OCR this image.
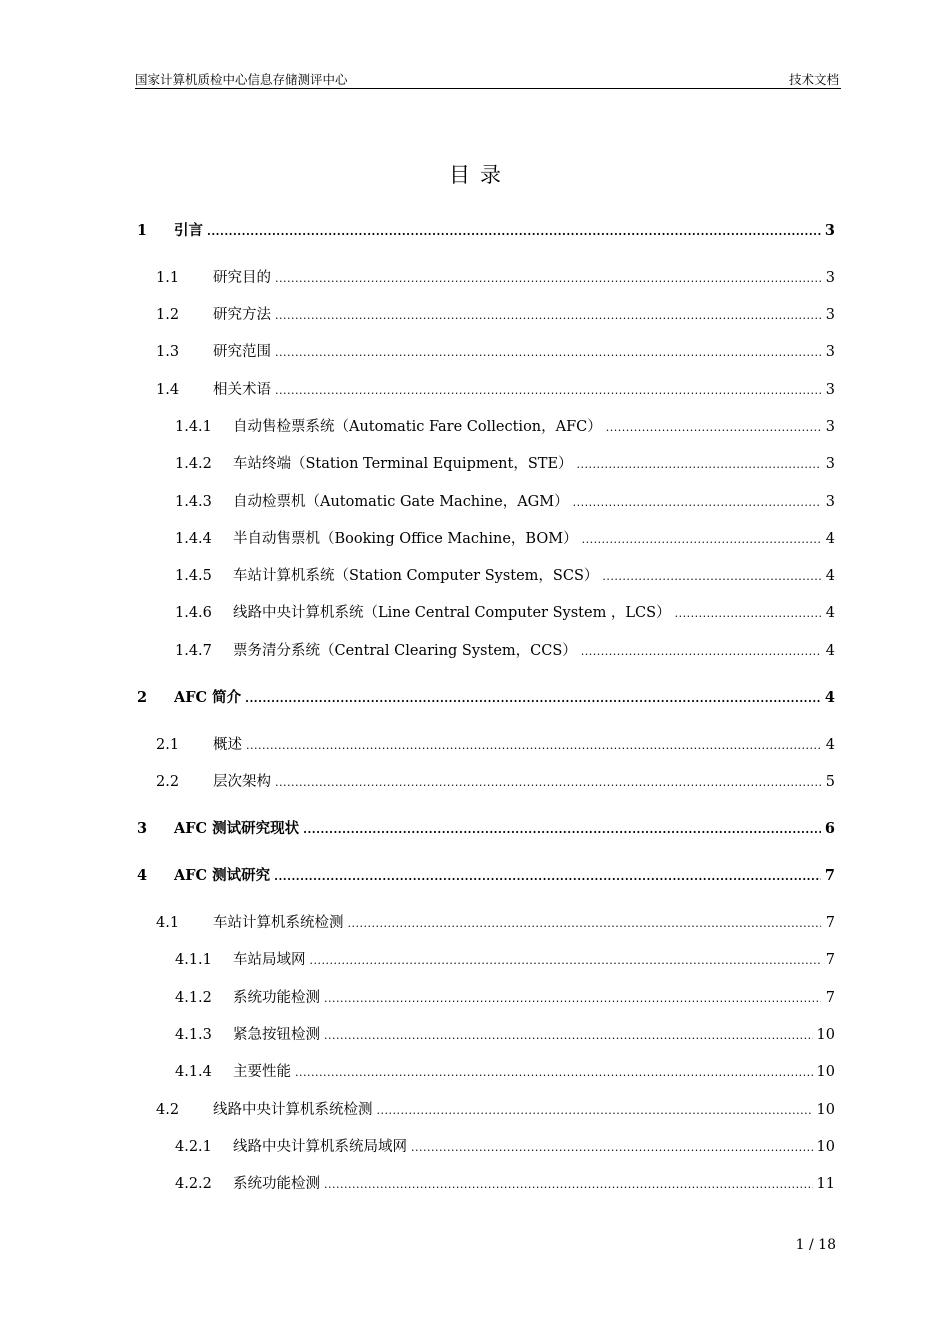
国家计算机质检中心信息存储测评中心	技术文档
目录
1	引言 .....	3
1.1	研究目的 .....	3
1.2	研究方法 .....	3
1.3	研究范围 .....	3
1.4	相关术语 .....	3
1.4.1	自动售检票系统（Automatic Fare Collection，AFC） .....	3
1.4.2	车站终端（Station Terminal Equipment，STE） .....	3
1.4.3	自动检票机（Automatic Gate Machine，AGM） .....	3
1.4.4	半自动售票机（Booking Office Machine，BOM） .....	4
1.4.5	车站计算机系统（Station Computer System，SCS） .....	4
1.4.6	线路中央计算机系统（Line Central Computer System ，LCS） .....	4
1.4.7	票务清分系统（Central Clearing System，CCS） .....	4
2	AFC 简介 .....	4
2.1	概述 .....	4
2.2	层次架构 .....	5
3	AFC 测试研究现状 .....	6
4	AFC 测试研究 .....	7
4.1	车站计算机系统检测 .....	7
4.1.1	车站局域网 .....	7
4.1.2	系统功能检测 .....	7
4.1.3	紧急按钮检测 .....	10
4.1.4	主要性能 .....	10
4.2	线路中央计算机系统检测 .....	10
4.2.1	线路中央计算机系统局域网 .....	10
4.2.2	系统功能检测 .....	11
1 / 18
